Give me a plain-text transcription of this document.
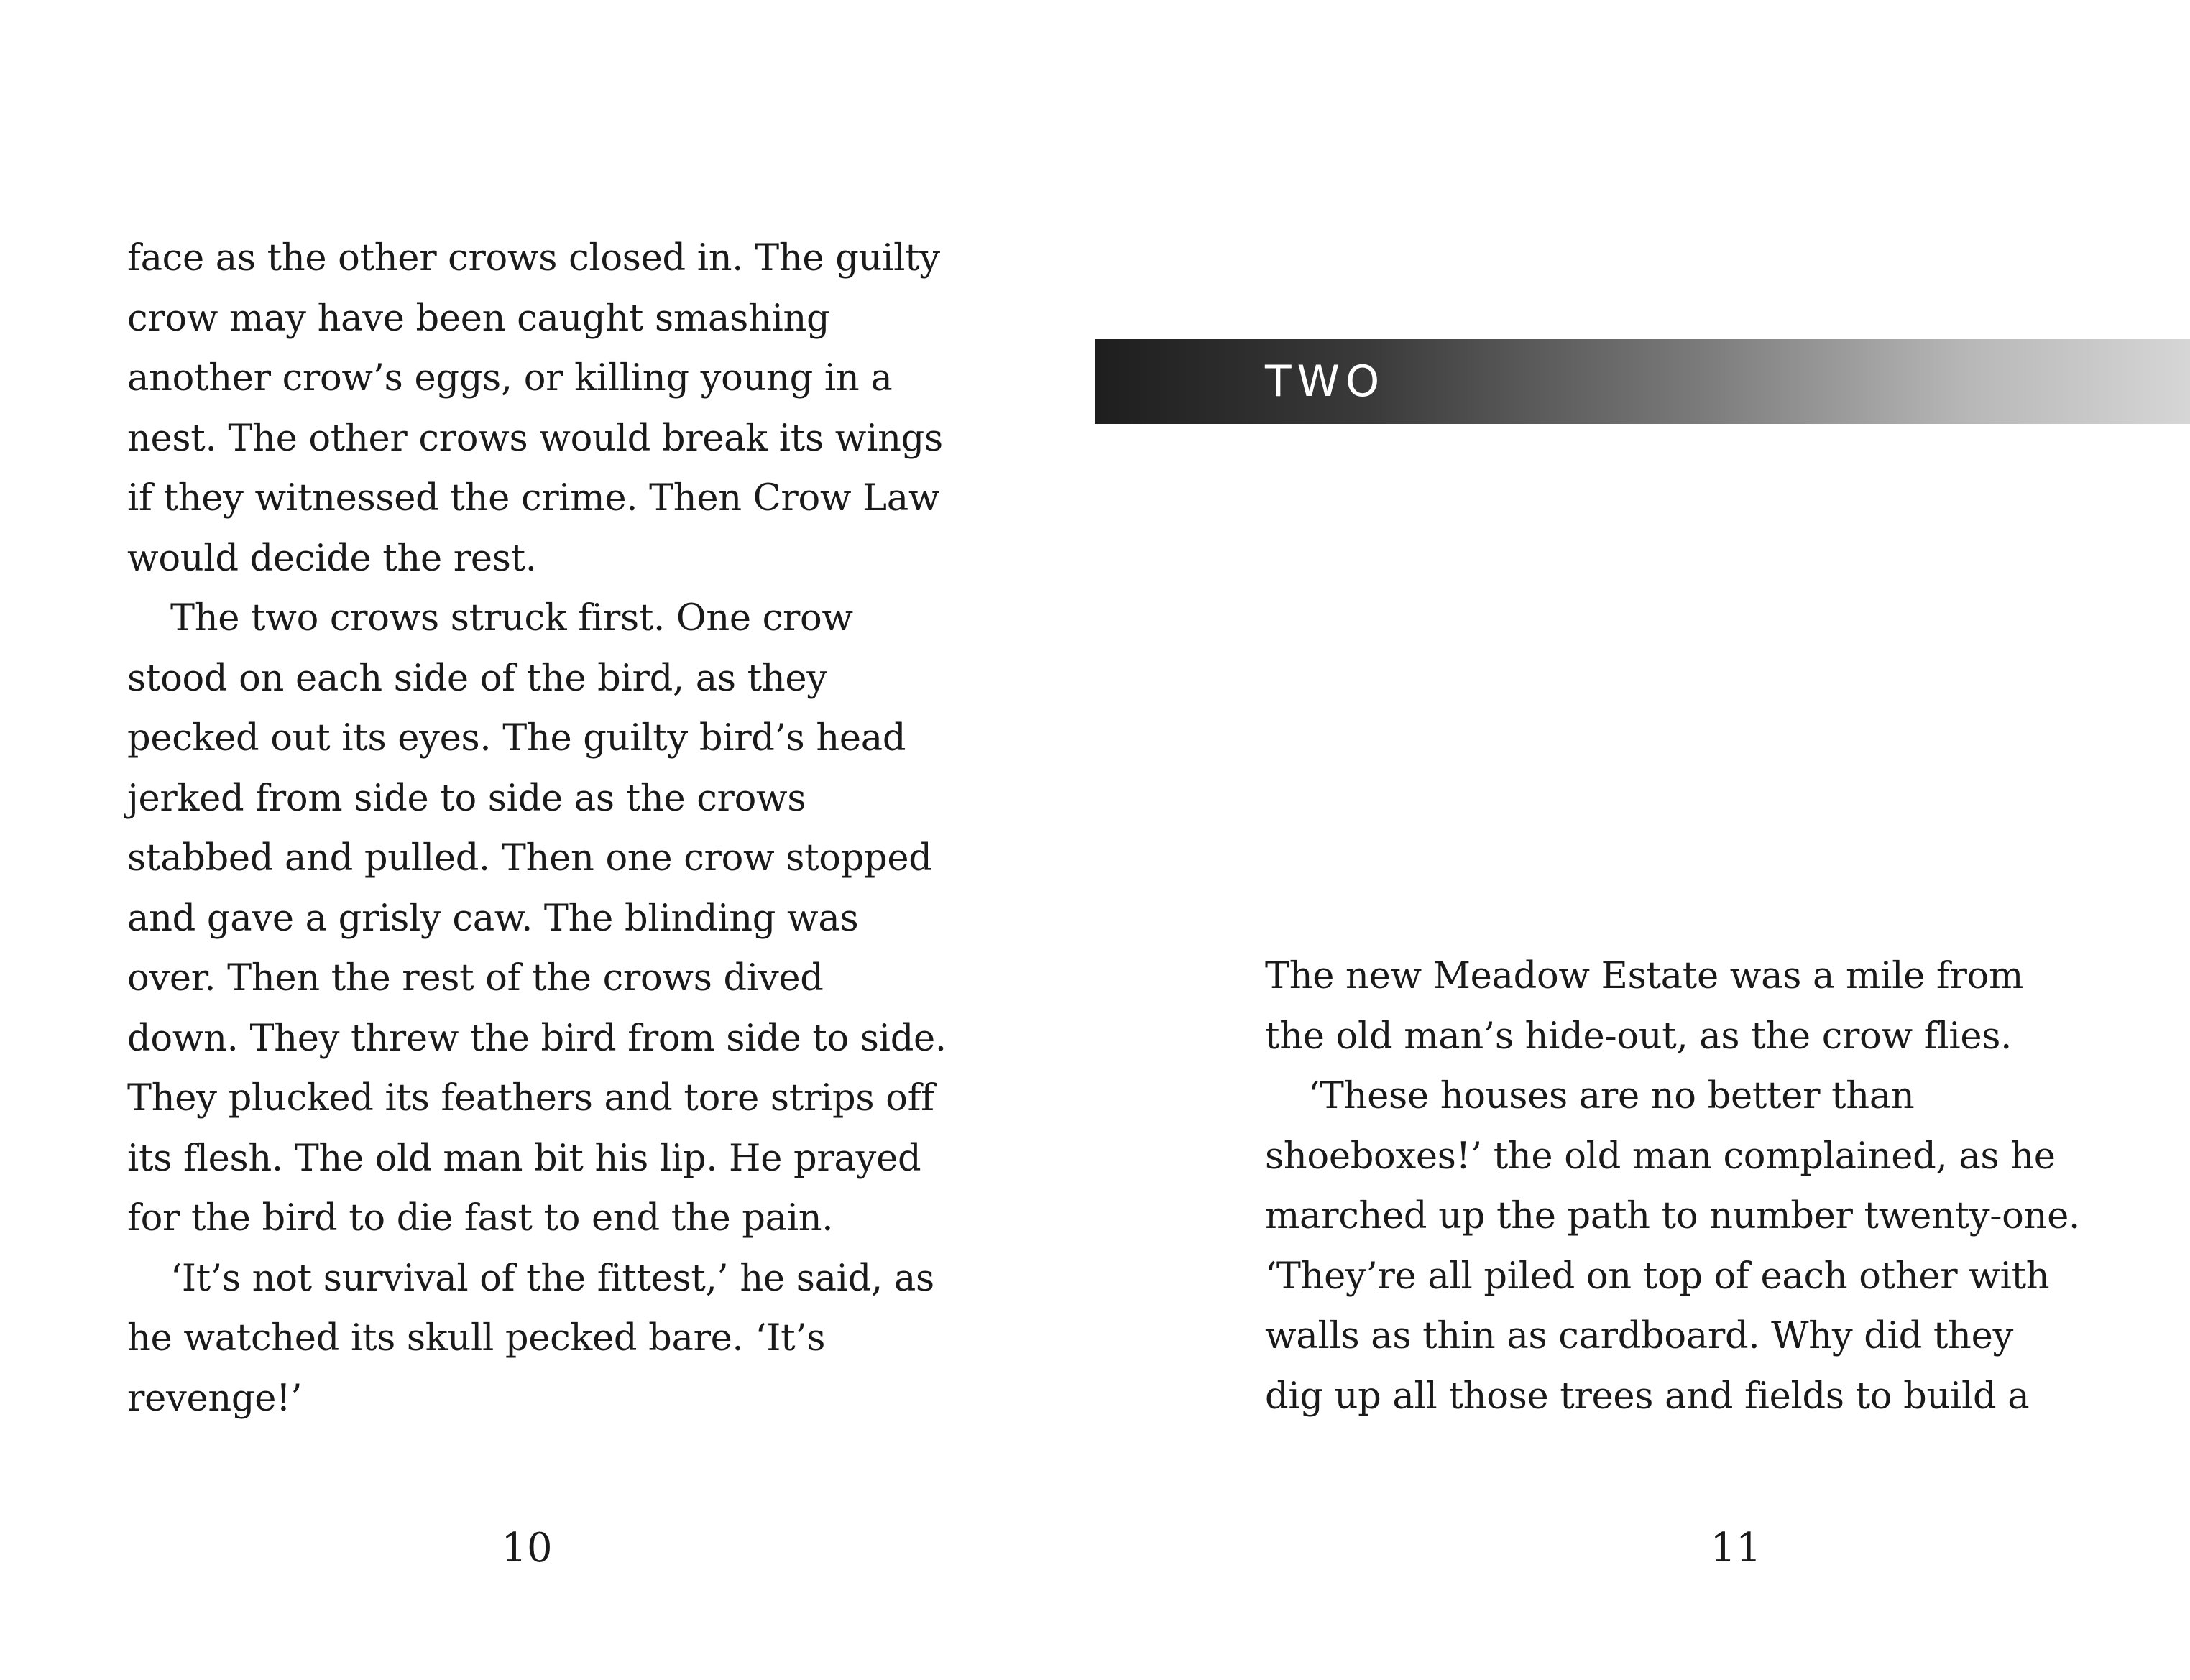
face as the other crows closed in. The guilty
crow may have been caught smashing
another crow’s eggs, or killing young in a
nest. The other crows would break its wings
if they witnessed the crime. Then Crow Law
would decide the rest.
The two crows struck first. One crow
stood on each side of the bird, as they
pecked out its eyes. The guilty bird’s head
jerked from side to side as the crows
stabbed and pulled. Then one crow stopped
and gave a grisly caw. The blinding was
over. Then the rest of the crows dived
down. They threw the bird from side to side.
They plucked its feathers and tore strips off
its flesh. The old man bit his lip. He prayed
for the bird to die fast to end the pain.
‘It’s not survival of the fittest,’ he said, as
he watched its skull pecked bare. ‘It’s
revenge!’
10
TWO
The new Meadow Estate was a mile from
the old man’s hide-out, as the crow flies.
‘These houses are no better than
shoeboxes!’ the old man complained, as he
marched up the path to number twenty-one.
‘They’re all piled on top of each other with
walls as thin as cardboard. Why did they
dig up all those trees and fields to build a
11
